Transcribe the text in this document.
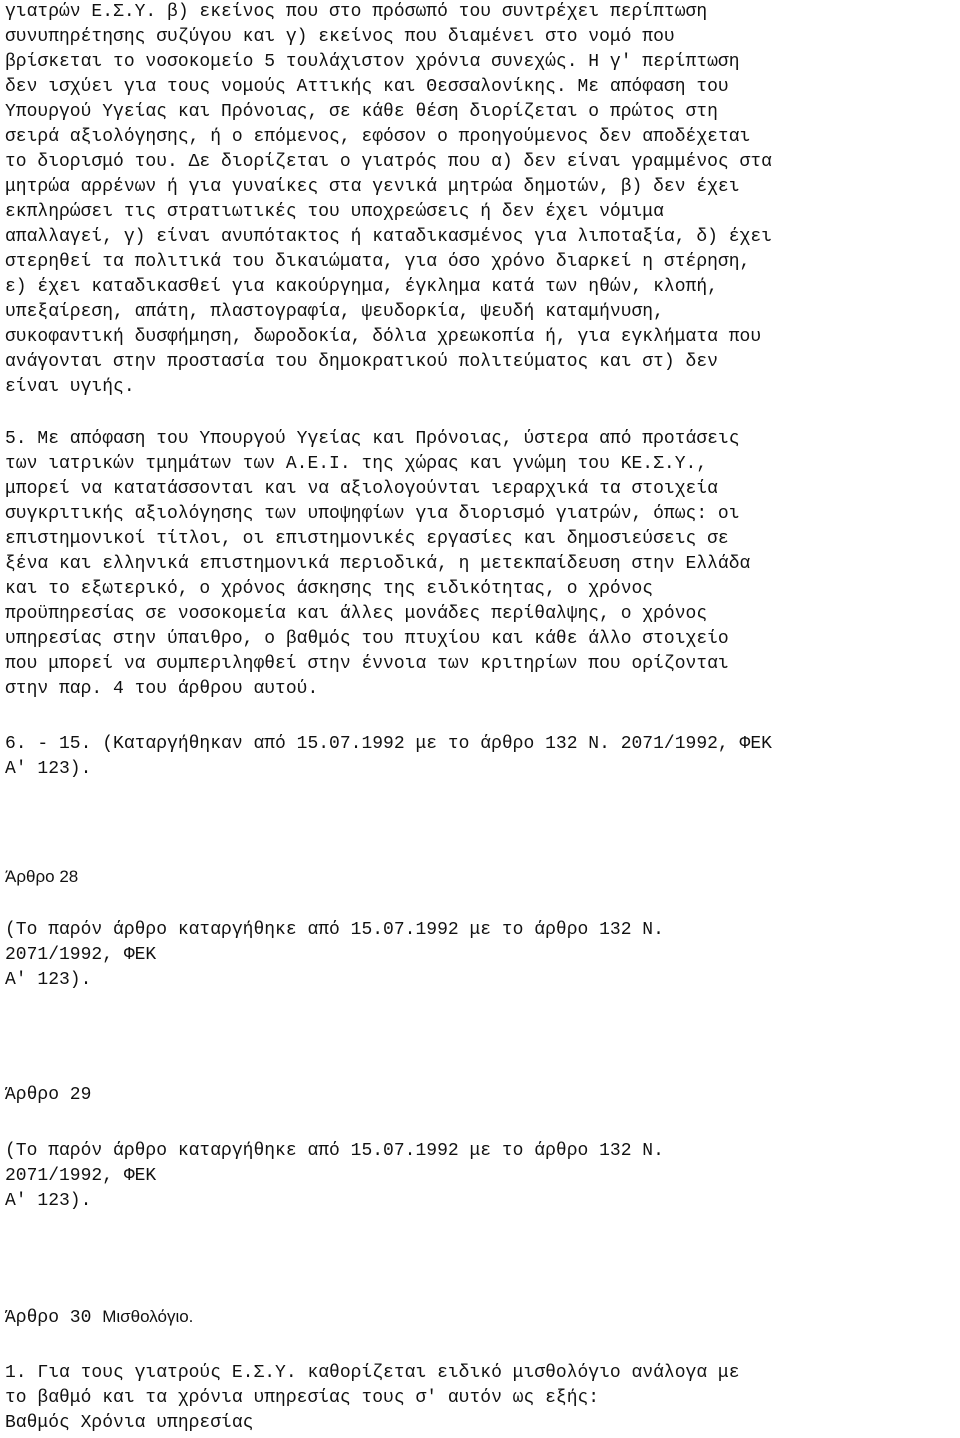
γιατρών Ε.Σ.Υ. β) εκείνος που στο πρόσωπό του συντρέχει περίπτωση
συνυπηρέτησης συζύγου και γ) εκείνος που διαμένει στο νομό που
βρίσκεται το νοσοκομείο 5 τουλάχιστον χρόνια συνεχώς. Η γ' περίπτωση
δεν ισχύει για τους νομούς Αττικής και Θεσσαλονίκης. Με απόφαση του
Υπουργού Υγείας και Πρόνοιας, σε κάθε θέση διορίζεται ο πρώτος στη
σειρά αξιολόγησης, ή ο επόμενος, εφόσον ο προηγούμενος δεν αποδέχεται
το διορισμό του. Δε διορίζεται ο γιατρός που α) δεν είναι γραμμένος στα
μητρώα αρρένων ή για γυναίκες στα γενικά μητρώα δημοτών, β) δεν έχει
εκπληρώσει τις στρατιωτικές του υποχρεώσεις ή δεν έχει νόμιμα
απαλλαγεί, γ) είναι ανυπότακτος ή καταδικασμένος για λιποταξία, δ) έχει
στερηθεί τα πολιτικά του δικαιώματα, για όσο χρόνο διαρκεί η στέρηση,
ε) έχει καταδικασθεί για κακούργημα, έγκλημα κατά των ηθών, κλοπή,
υπεξαίρεση, απάτη, πλαστογραφία, ψευδορκία, ψευδή καταμήνυση,
συκοφαντική δυσφήμηση, δωροδοκία, δόλια χρεωκοπία ή, για εγκλήματα που
ανάγονται στην προστασία του δημοκρατικού πολιτεύματος και στ) δεν
είναι υγιής.
5. Με απόφαση του Υπουργού Υγείας και Πρόνοιας, ύστερα από προτάσεις
των ιατρικών τμημάτων των Α.Ε.Ι. της χώρας και γνώμη του ΚΕ.Σ.Υ.,
μπορεί να κατατάσσονται και να αξιολογούνται ιεραρχικά τα στοιχεία
συγκριτικής αξιολόγησης των υποψηφίων για διορισμό γιατρών, όπως: οι
επιστημονικοί τίτλοι, οι επιστημονικές εργασίες και δημοσιεύσεις σε
ξένα και ελληνικά επιστημονικά περιοδικά, η μετεκπαίδευση στην Ελλάδα
και το εξωτερικό, ο χρόνος άσκησης της ειδικότητας, ο χρόνος
προϋπηρεσίας σε νοσοκομεία και άλλες μονάδες περίθαλψης, ο χρόνος
υπηρεσίας στην ύπαιθρο, ο βαθμός του πτυχίου και κάθε άλλο στοιχείο
που μπορεί να συμπεριληφθεί στην έννοια των κριτηρίων που ορίζονται
στην παρ. 4 του άρθρου αυτού.
6. - 15. (Καταργήθηκαν από 15.07.1992 με το άρθρο 132 Ν. 2071/1992, ΦΕΚ
Α' 123).
Άρθρο 28
(Το παρόν άρθρο καταργήθηκε από 15.07.1992 με το άρθρο 132 Ν.
2071/1992, ΦΕΚ
Α' 123).
Άρθρο 29
(Το παρόν άρθρο καταργήθηκε από 15.07.1992 με το άρθρο 132 Ν.
2071/1992, ΦΕΚ
Α' 123).
Άρθρο 30 Μισθολόγιο.
1. Για τους γιατρούς Ε.Σ.Υ. καθορίζεται ειδικό μισθολόγιο ανάλογα με
το βαθμό και τα χρόνια υπηρεσίας τους σ' αυτόν ως εξής:
Βαθμός Χρόνια υπηρεσίας
